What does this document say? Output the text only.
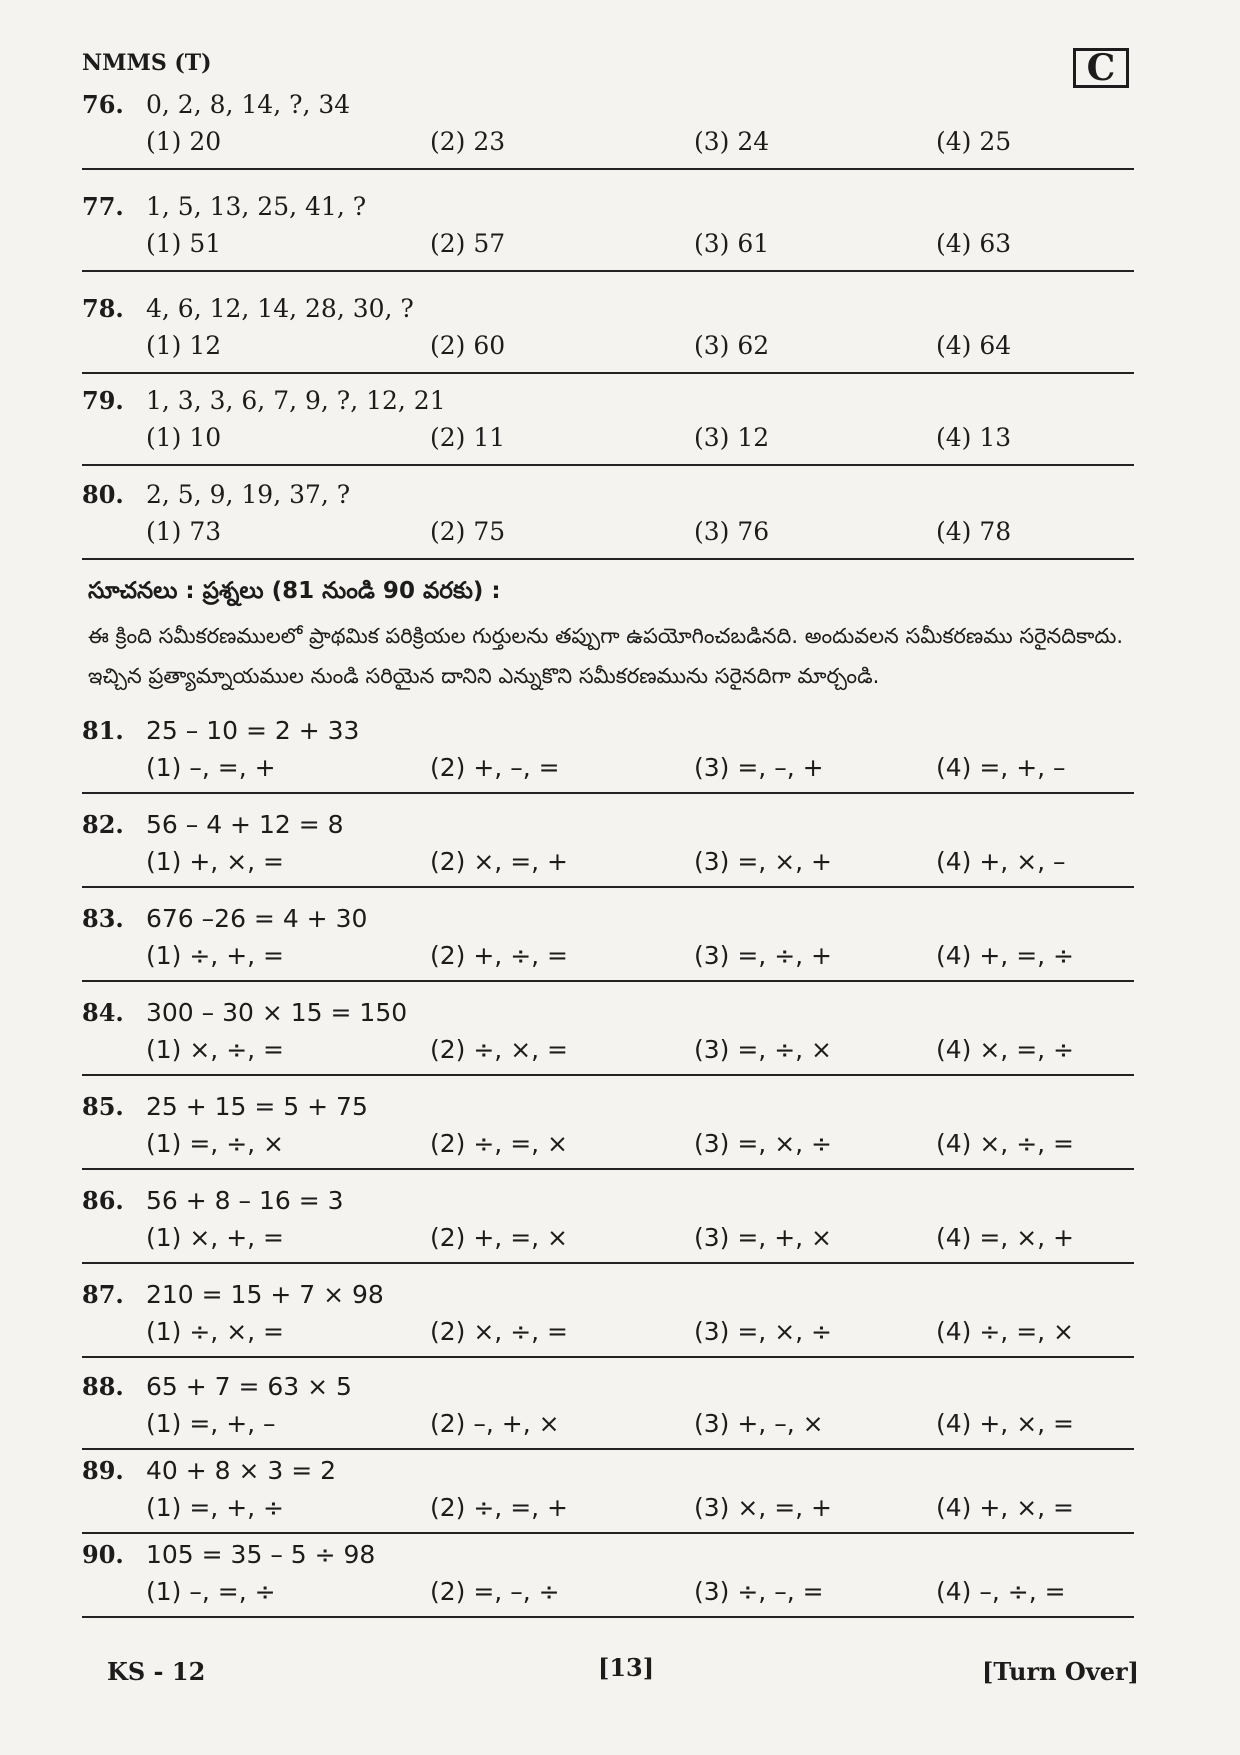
NMMS (T)	C
76. 0, 2, 8, 14, ?, 34
(1) 20	(2) 23	(3) 24	(4) 25
77. 1, 5, 13, 25, 41, ?
(1) 51	(2) 57	(3) 61	(4) 63
78. 4, 6, 12, 14, 28, 30, ?
(1) 12	(2) 60	(3) 62	(4) 64
79. 1, 3, 3, 6, 7, 9, ?, 12, 21
(1) 10	(2) 11	(3) 12	(4) 13
80. 2, 5, 9, 19, 37, ?
(1) 73	(2) 75	(3) 76	(4) 78
సూచనలు : ప్రశ్నలు (81 నుండి 90 వరకు) :
ఈ క్రింది సమీకరణములలో ప్రాథమిక పరిక్రియల గుర్తులను తప్పుగా ఉపయోగించబడినది. అందువలన సమీకరణము సరైనదికాదు. ఇచ్చిన ప్రత్యామ్నాయముల నుండి సరియైన దానిని ఎన్నుకొని సమీకరణమును సరైనదిగా మార్చండి.
81. 25 – 10 = 2 + 33
(1) –, =, +	(2) +, –, =	(3) =, –, +	(4) =, +, –
82. 56 – 4 + 12 = 8
(1) +, ×, =	(2) ×, =, +	(3) =, ×, +	(4) +, ×, –
83. 676 –26 = 4 + 30
(1) ÷, +, =	(2) +, ÷, =	(3) =, ÷, +	(4) +, =, ÷
84. 300 – 30 × 15 = 150
(1) ×, ÷, =	(2) ÷, ×, =	(3) =, ÷, ×	(4) ×, =, ÷
85. 25 + 15 = 5 + 75
(1) =, ÷, ×	(2) ÷, =, ×	(3) =, ×, ÷	(4) ×, ÷, =
86. 56 + 8 – 16 = 3
(1) ×, +, =	(2) +, =, ×	(3) =, +, ×	(4) =, ×, +
87. 210 = 15 + 7 × 98
(1) ÷, ×, =	(2) ×, ÷, =	(3) =, ×, ÷	(4) ÷, =, ×
88. 65 + 7 = 63 × 5
(1) =, +, –	(2) –, +, ×	(3) +, –, ×	(4) +, ×, =
89. 40 + 8 × 3 = 2
(1) =, +, ÷	(2) ÷, =, +	(3) ×, =, +	(4) +, ×, =
90. 105 = 35 – 5 ÷ 98
(1) –, =, ÷	(2) =, –, ÷	(3) ÷, –, =	(4) –, ÷, =
KS - 12	[13]	[Turn Over]
